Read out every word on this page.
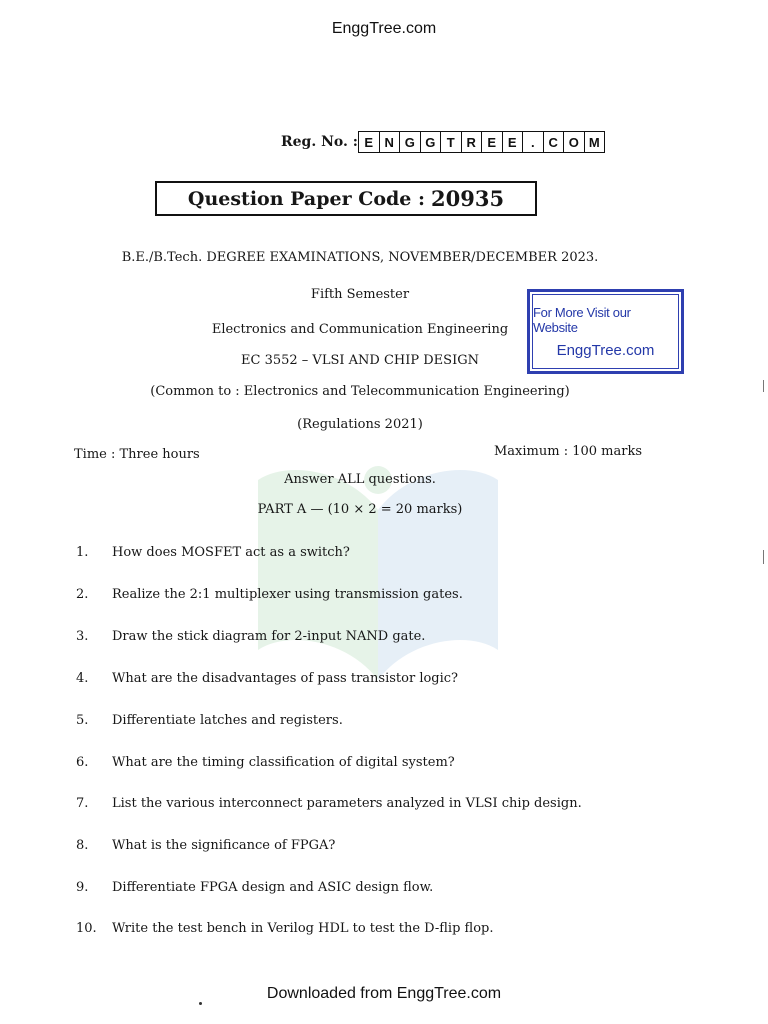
EnggTree.com
Reg. No. : E N G G T R E E	.	C O M
Question Paper Code : 20935
B.E./B.Tech. DEGREE EXAMINATIONS, NOVEMBER/DECEMBER 2023.
Fifth Semester
Electronics and Communication Engineering
EC 3552 – VLSI AND CHIP DESIGN
(Common to : Electronics and Telecommunication Engineering)
(Regulations 2021)
For More Visit our Website
EnggTree.com
Time : Three hours	Maximum : 100 marks
Answer ALL questions.
PART A — (10 × 2 = 20 marks)
1.	How does MOSFET act as a switch?
2.	Realize the 2:1 multiplexer using transmission gates.
3.	Draw the stick diagram for 2-input NAND gate.
4.	What are the disadvantages of pass transistor logic?
5.	Differentiate latches and registers.
6.	What are the timing classification of digital system?
7.	List the various interconnect parameters analyzed in VLSI chip design.
8.	What is the significance of FPGA?
9.	Differentiate FPGA design and ASIC design flow.
10.	Write the test bench in Verilog HDL to test the D-flip flop.
Downloaded from EnggTree.com
